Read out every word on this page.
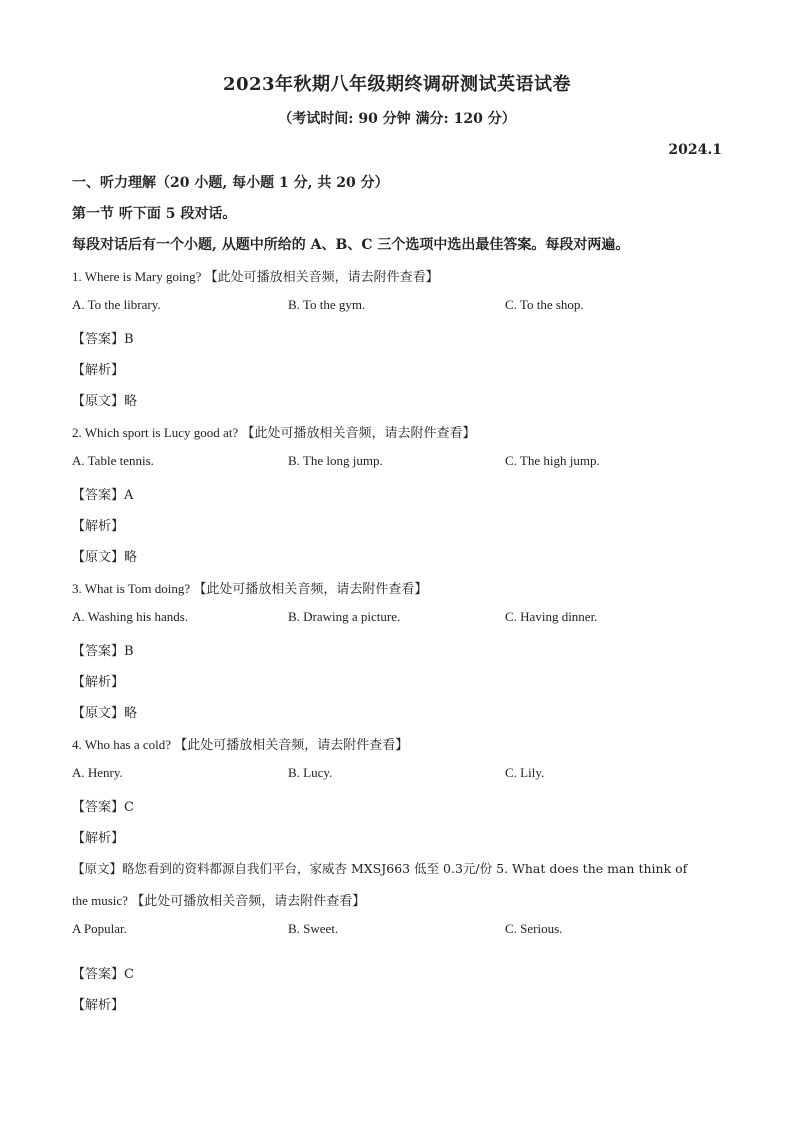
2023年秋期八年级期终调研测试英语试卷
（考试时间: 90 分钟 满分: 120 分）
2024.1
一、听力理解（20 小题, 每小题 1 分, 共 20 分）
第一节 听下面 5 段对话。
每段对话后有一个小题, 从题中所给的 A、B、C 三个选项中选出最佳答案。每段对两遍。
1. Where is Mary going? 【此处可播放相关音频，请去附件查看】
A. To the library.	B. To the gym.	C. To the shop.
【答案】B
【解析】
【原文】略
2. Which sport is Lucy good at? 【此处可播放相关音频，请去附件查看】
A. Table tennis.	B. The long jump.	C. The high jump.
【答案】A
【解析】
【原文】略
3. What is Tom doing? 【此处可播放相关音频，请去附件查看】
A. Washing his hands.	B. Drawing a picture.	C. Having dinner.
【答案】B
【解析】
【原文】略
4. Who has a cold? 【此处可播放相关音频，请去附件查看】
A. Henry.	B. Lucy.	C. Lily.
【答案】C
【解析】
【原文】略您看到的资料都源自我们平台，家威杏 MXSJ663 低至 0.3元/份 5. What does the man think of
the music? 【此处可播放相关音频，请去附件查看】
A Popular.	B. Sweet.	C. Serious.
【答案】C
【解析】
